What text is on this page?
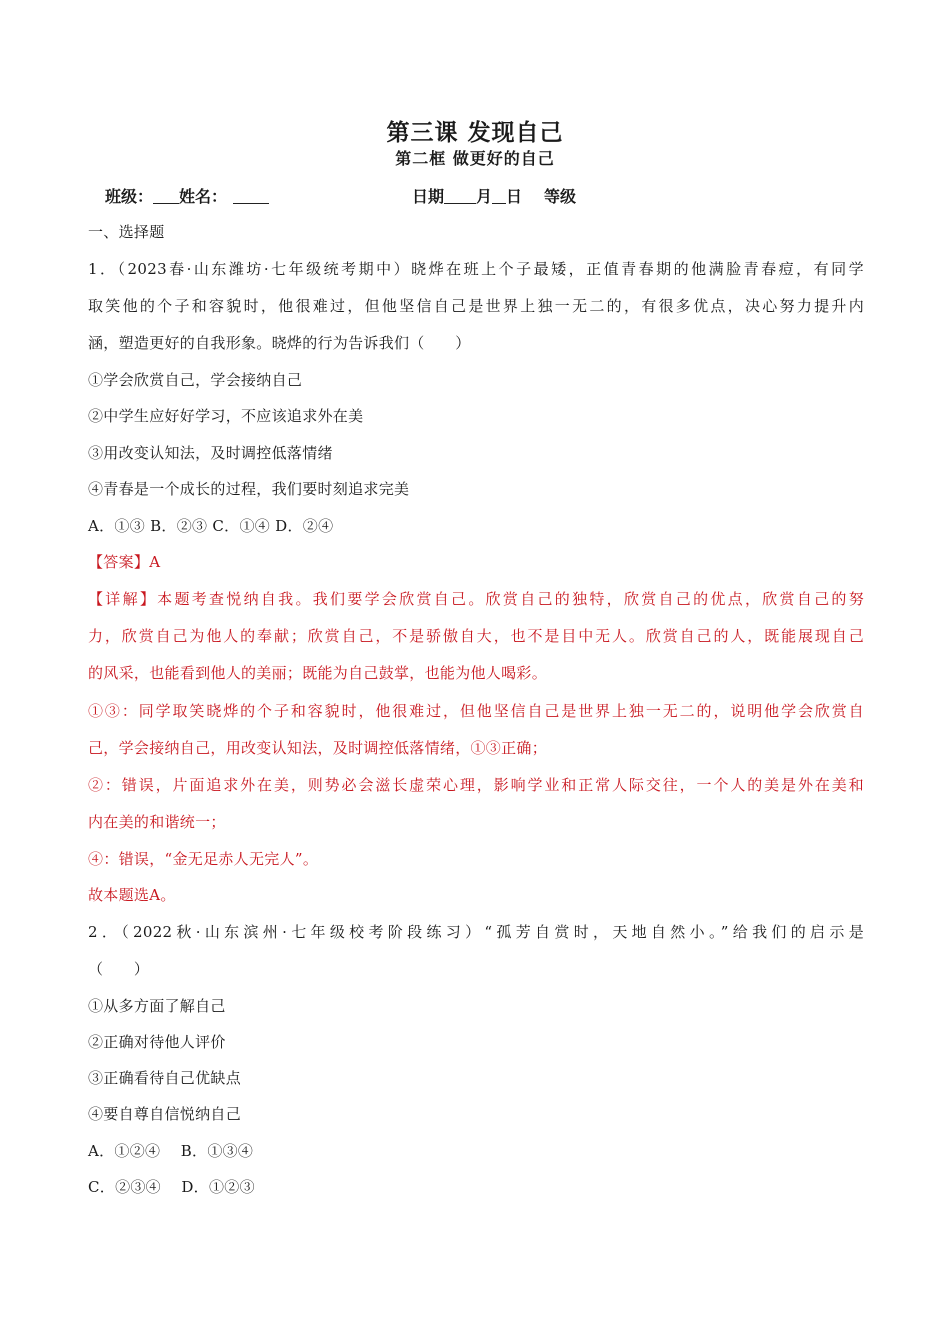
第三课 发现自己
第二框 做更好的自己
班级： 姓名：	日期 月 日 等级
一、选择题
1．（2023春·山东潍坊·七年级统考期中）晓烨在班上个子最矮，正值青春期的他满脸青春痘，有同学
取笑他的个子和容貌时，他很难过，但他坚信自己是世界上独一无二的，有很多优点，决心努力提升内
涵，塑造更好的自我形象。晓烨的行为告诉我们（　　）
①学会欣赏自己，学会接纳自己
②中学生应好好学习，不应该追求外在美
③用改变认知法，及时调控低落情绪
④青春是一个成长的过程，我们要时刻追求完美
A．①③ B．②③ C．①④ D．②④
【答案】A
【详解】本题考查悦纳自我。我们要学会欣赏自己。欣赏自己的独特，欣赏自己的优点，欣赏自己的努
力，欣赏自己为他人的奉献；欣赏自己，不是骄傲自大，也不是目中无人。欣赏自己的人，既能展现自己
的风采，也能看到他人的美丽；既能为自己鼓掌，也能为他人喝彩。
①③：同学取笑晓烨的个子和容貌时，他很难过，但他坚信自己是世界上独一无二的，说明他学会欣赏自
己，学会接纳自己，用改变认知法，及时调控低落情绪，①③正确；
②：错误，片面追求外在美，则势必会滋长虚荣心理，影响学业和正常人际交往，一个人的美是外在美和
内在美的和谐统一；
④：错误，“金无足赤人无完人”。
故本题选A。
2．（2022秋·山东滨州·七年级校考阶段练习）“孤芳自赏时，天地自然小。”给我们的启示是
（　　）
①从多方面了解自己
②正确对待他人评价
③正确看待自己优缺点
④要自尊自信悦纳自己
A．①②④　 B．①③④
C．②③④　 D．①②③
